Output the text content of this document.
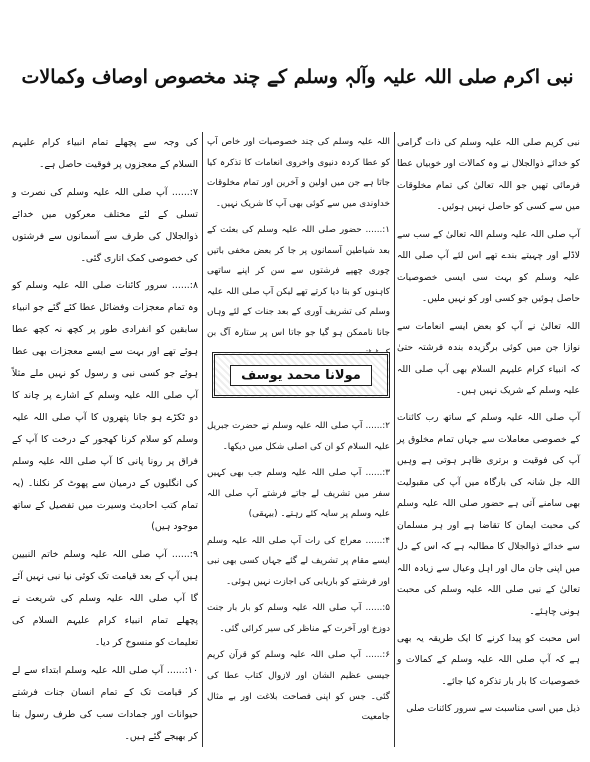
نبی اکرم صلی اللہ علیہ وآلہٖ وسلم کے چند مخصوص اوصاف وکمالات

نبی کریم صلی اللہ علیہ وسلم کی ذات گرامی کو خدائے ذوالجلال نے وہ کمالات اور خوبیاں عطا فرمائی تھیں جو اللہ تعالیٰ کی تمام مخلوقات میں سے کسی کو حاصل نہیں ہوئیں۔

آپ صلی اللہ علیہ وسلم اللہ تعالیٰ کے سب سے لاڈلے اور چہیتے بندے تھے اس لئے آپ صلی اللہ علیہ وسلم کو بہت سی ایسی خصوصیات حاصل ہوئیں جو کسی اور کو نہیں ملیں۔

اللہ تعالیٰ نے آپ کو بعض ایسے انعامات سے نوازا جن میں کوئی برگزیدہ بندہ فرشتہ حتیٰ کہ انبیاء کرام علیہم السلام بھی آپ صلی اللہ علیہ وسلم کے شریک نہیں ہیں۔

آپ صلی اللہ علیہ وسلم کے ساتھ رب کائنات کے خصوصی معاملات سے جہاں تمام مخلوق پر آپ کی فوقیت و برتری ظاہر ہوتی ہے وہیں اللہ جل شانہ کی بارگاہ میں آپ کی مقبولیت بھی سامنے آتی ہے حضور صلی اللہ علیہ وسلم کی محبت ایمان کا تقاضا ہے اور ہر مسلمان سے خدائے ذوالجلال کا مطالبہ ہے کہ اس کے دل میں اپنی جان مال اور اہل وعیال سے زیادہ اللہ تعالیٰ کے نبی صلی اللہ علیہ وسلم کی محبت ہونی چاہئے۔

اس محبت کو پیدا کرنے کا ایک طریقہ یہ بھی ہے کہ آپ صلی اللہ علیہ وسلم کے کمالات و خصوصیات کا بار بار تذکرہ کیا جائے۔

ذیل میں اسی مناسبت سے سرور کائنات صلی

اللہ علیہ وسلم کی چند خصوصیات اور خاص آپ کو عطا کردہ دنیوی واخروی انعامات کا تذکرہ کیا جاتا ہے جن میں اولین و آخرین اور تمام مخلوقات خداوندی میں سے کوئی بھی آپ کا شریک نہیں۔

۱:...... حضور صلی اللہ علیہ وسلم کی بعثت کے بعد شیاطین آسمانوں پر جا کر بعض مخفی باتیں چوری چھپے فرشتوں سے سن کر اپنے ساتھی کاہنوں کو بتا دیا کرتے تھے لیکن آپ صلی اللہ علیہ وسلم کی تشریف آوری کے بعد جنات کے لئے وہاں جانا ناممکن ہو گیا جو جاتا اس پر ستارہ آگ بن

۲:...... آپ صلی اللہ علیہ وسلم نے حضرت جبریل علیہ السلام کو ان کی اصلی شکل میں دیکھا۔

۳:...... آپ صلی اللہ علیہ وسلم جب بھی کہیں سفر میں تشریف لے جاتے فرشتے آپ صلی اللہ علیہ وسلم پر سایہ کئے رہتے۔ (بیہقی)

۴:...... معراج کی رات آپ صلی اللہ علیہ وسلم ایسے مقام پر تشریف لے گئے جہاں کسی بھی نبی اور فرشتے کو باریابی کی اجازت نہیں ہوئی۔

۵:...... آپ صلی اللہ علیہ وسلم کو بار بار جنت دوزخ اور آخرت کے مناظر کی سیر کرائی گئی۔

۶:...... آپ صلی اللہ علیہ وسلم کو قرآن کریم جیسی عظیم الشان اور لازوال کتاب عطا کی گئی۔ جس کو اپنی فصاحت بلاغت اور بے مثال جامعیت

مولانا محمد یوسف

کی وجہ سے پچھلے تمام انبیاء کرام علیہم السلام کے معجزوں پر فوقیت حاصل ہے۔

۷:...... آپ صلی اللہ علیہ وسلم کی نصرت و تسلی کے لئے مختلف معرکوں میں خدائے ذوالجلال کی طرف سے آسمانوں سے فرشتوں کی خصوصی کمک اتاری گئی۔

۸:...... سرور کائنات صلی اللہ علیہ وسلم کو وہ تمام معجزات وفضائل عطا کئے گئے جو انبیاء سابقین کو انفرادی طور پر کچھ نہ کچھ عطا ہوئے تھے اور بہت سے ایسے معجزات بھی عطا ہوئے جو کسی نبی و رسول کو نہیں ملے مثلاً آپ صلی اللہ علیہ وسلم کے اشارے پر چاند کا دو ٹکڑے ہو جانا پتھروں کا آپ صلی اللہ علیہ وسلم کو سلام کرنا کھجور کے درخت کا آپ کے فراق پر رونا پانی کا آپ صلی اللہ علیہ وسلم کی انگلیوں کے درمیان سے پھوٹ کر نکلنا۔ (یہ تمام کتب احادیث وسیرت میں تفصیل کے ساتھ موجود ہیں)

۹:...... آپ صلی اللہ علیہ وسلم خاتم النبیین ہیں آپ کے بعد قیامت تک کوئی نیا نبی نہیں آئے گا آپ صلی اللہ علیہ وسلم کی شریعت نے پچھلے تمام انبیاء کرام علیہم السلام کی تعلیمات کو منسوخ کر دیا۔

۱۰:...... آپ صلی اللہ علیہ وسلم ابتداء سے لے کر قیامت تک کے تمام انسان جنات فرشتے حیوانات اور جمادات سب کی طرف رسول بنا کر بھیجے گئے ہیں۔
